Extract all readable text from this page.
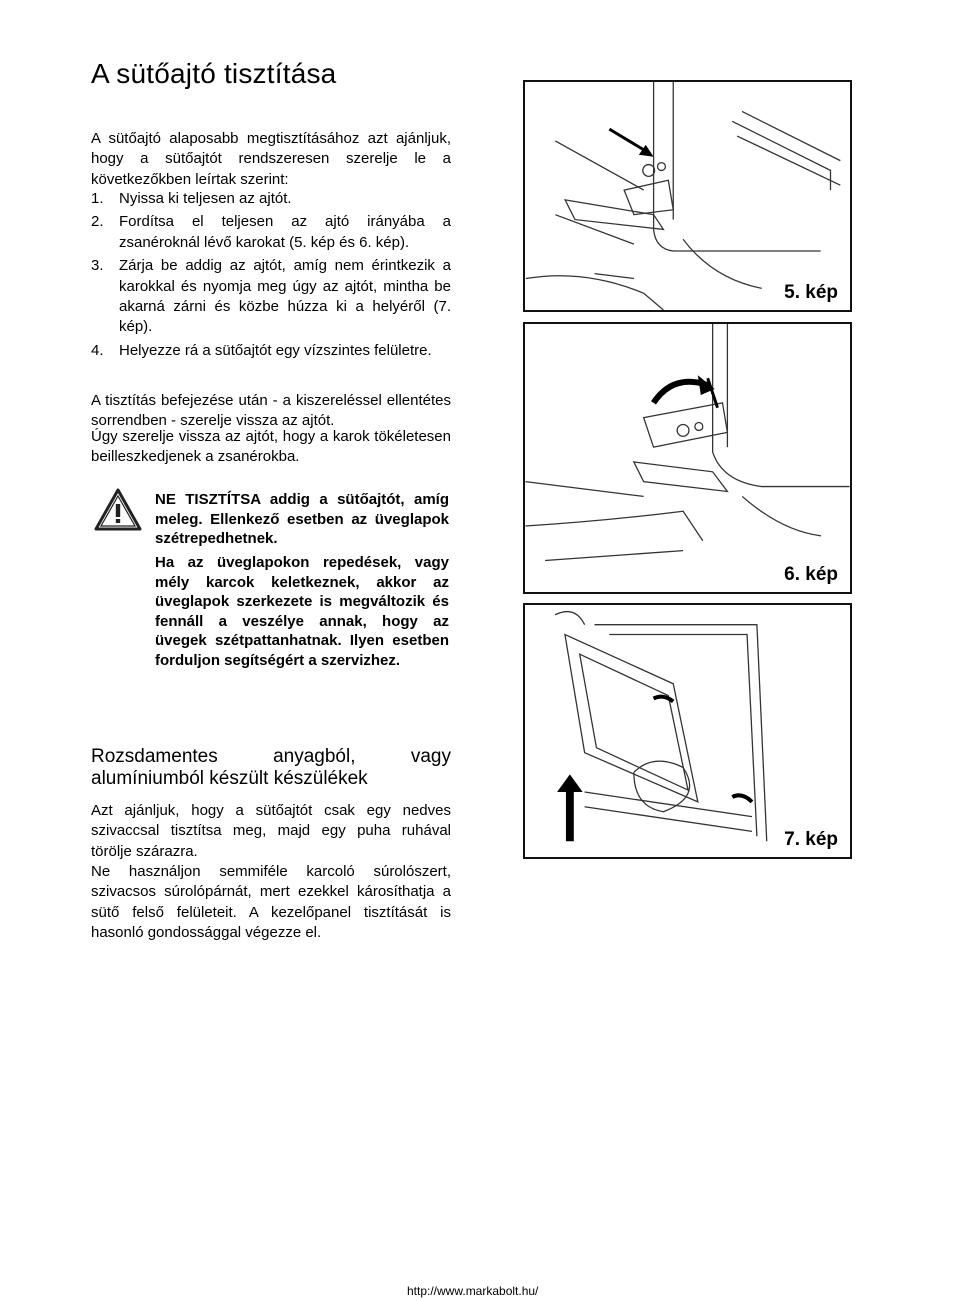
A sütőajtó tisztítása

A sütőajtó alaposabb megtisztításához azt ajánljuk, hogy a sütőajtót rendszeresen szerelje le a következőkben leírtak szerint:

1.	Nyissa ki teljesen az ajtót.
2.	Fordítsa el teljesen az ajtó irányába a zsanéroknál lévő karokat (5. kép és 6. kép).
3.	Zárja be addig az ajtót, amíg nem érintkezik a karokkal és nyomja meg úgy az ajtót, mintha be akarná zárni és közbe húzza ki a helyéről (7. kép).
4.	Helyezze rá a sütőajtót egy vízszintes felületre.

A tisztítás befejezése után - a kiszereléssel ellentétes sorrendben - szerelje vissza az ajtót.

Úgy szerelje vissza az ajtót, hogy a karok tökéletesen beilleszkedjenek a zsanérokba.

NE TISZTÍTSA addig a sütőajtót, amíg meleg. Ellenkező esetben az üveglapok szétrepedhetnek.

Ha az üveglapokon repedések, vagy mély karcok keletkeznek, akkor az üveglapok szerkezete is megváltozik és fennáll a veszélye annak, hogy az üvegek szétpattanhatnak. Ilyen esetben forduljon segítségért a szervizhez.

Rozsdamentes	anyagból,	vagy
alumíniumból készült készülékek

Azt ajánljuk, hogy a sütőajtót csak egy nedves szivaccsal tisztítsa meg, majd egy puha ruhával törölje szárazra.

Ne használjon semmiféle karcoló súrolószert, szivacsos súrolópárnát, mert ezekkel károsíthatja a sütő felső felületeit. A kezelőpanel tisztítását is hasonló gondossággal végezze el.

5. kép
6. kép
7. kép
http://www.markabolt.hu/
